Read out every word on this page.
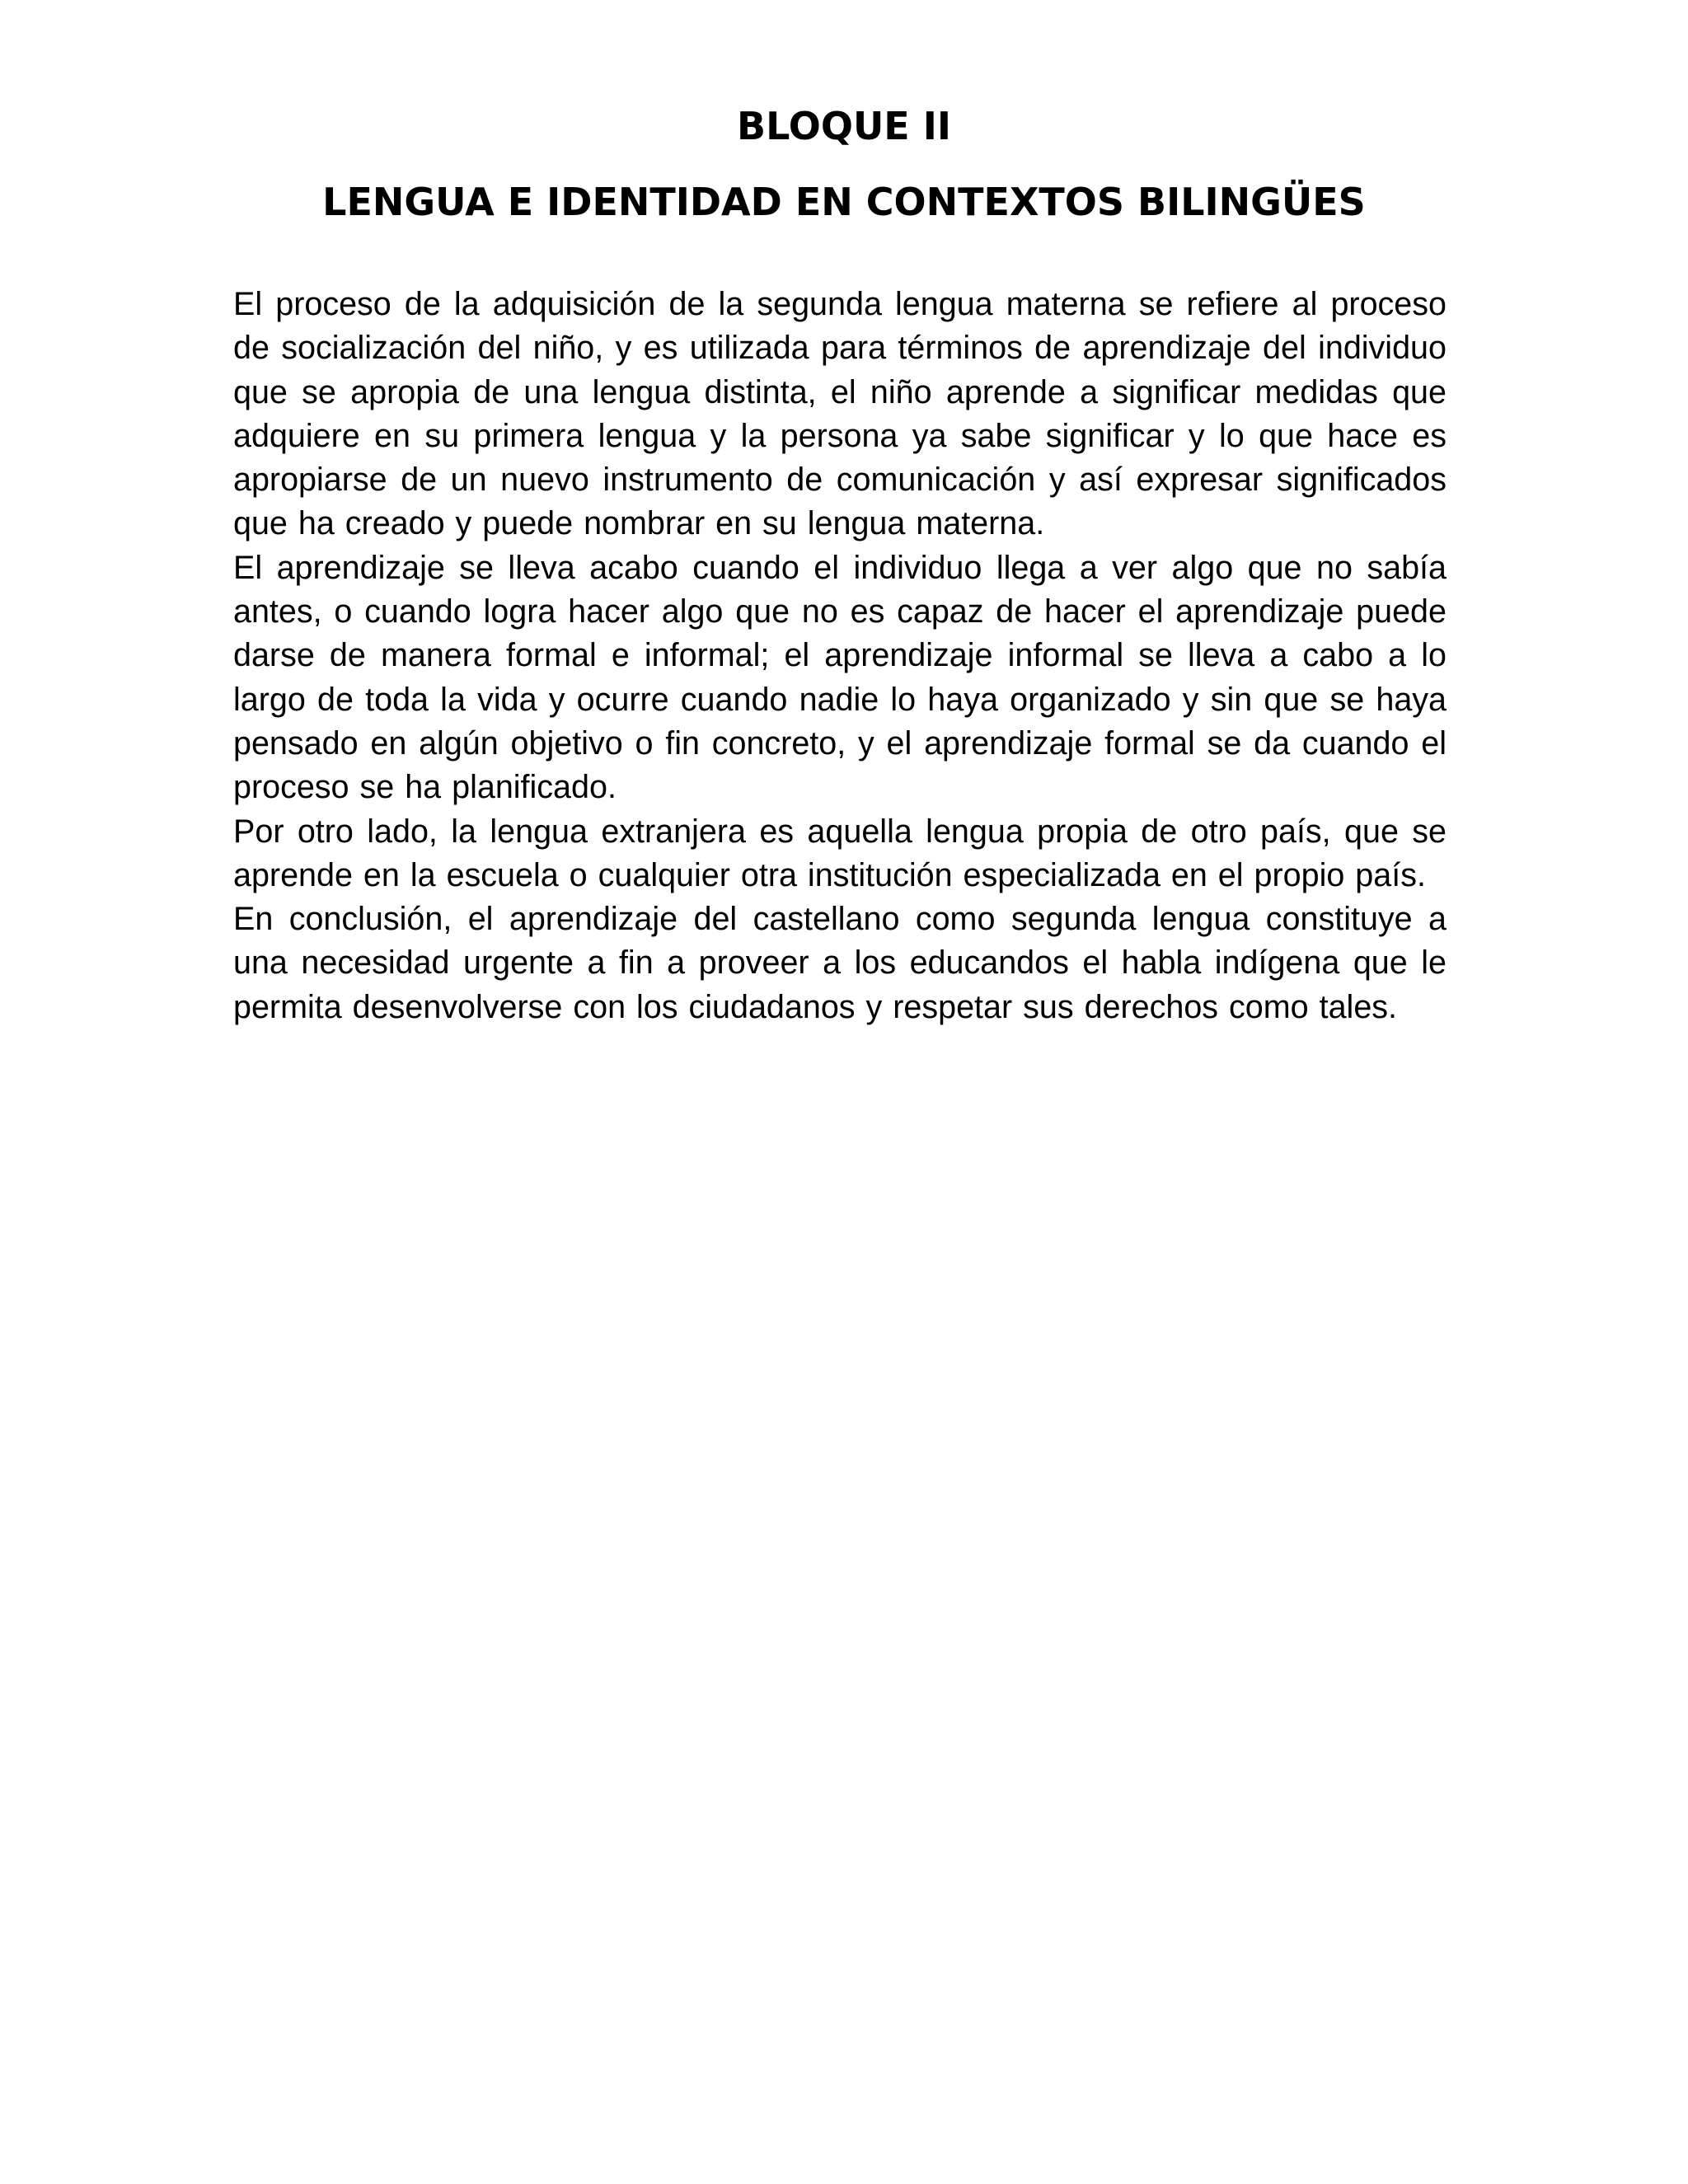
BLOQUE II
LENGUA E IDENTIDAD EN CONTEXTOS BILINGÜES

El proceso de la adquisición de la segunda lengua materna se refiere al proceso de socialización del niño, y es utilizada para términos de aprendizaje del individuo que se apropia de una lengua distinta, el niño aprende a significar medidas que adquiere en su primera lengua y la persona ya sabe significar y lo que hace es apropiarse de un nuevo instrumento de comunicación y así expresar significados que ha creado y puede nombrar en su lengua materna.

El aprendizaje se lleva acabo cuando el individuo llega a ver algo que no sabía antes, o cuando logra hacer algo que no es capaz de hacer el aprendizaje puede darse de manera formal e informal; el aprendizaje informal se lleva a cabo a lo largo de toda la vida y ocurre cuando nadie lo haya organizado y sin que se haya pensado en algún objetivo o fin concreto, y el aprendizaje formal se da cuando el proceso se ha planificado.

Por otro lado, la lengua extranjera es aquella lengua propia de otro país, que se aprende en la escuela o cualquier otra institución especializada en el propio país.

En conclusión, el aprendizaje del castellano como segunda lengua constituye a una necesidad urgente a fin a proveer a los educandos el habla indígena que le permita desenvolverse con los ciudadanos y respetar sus derechos como tales.
